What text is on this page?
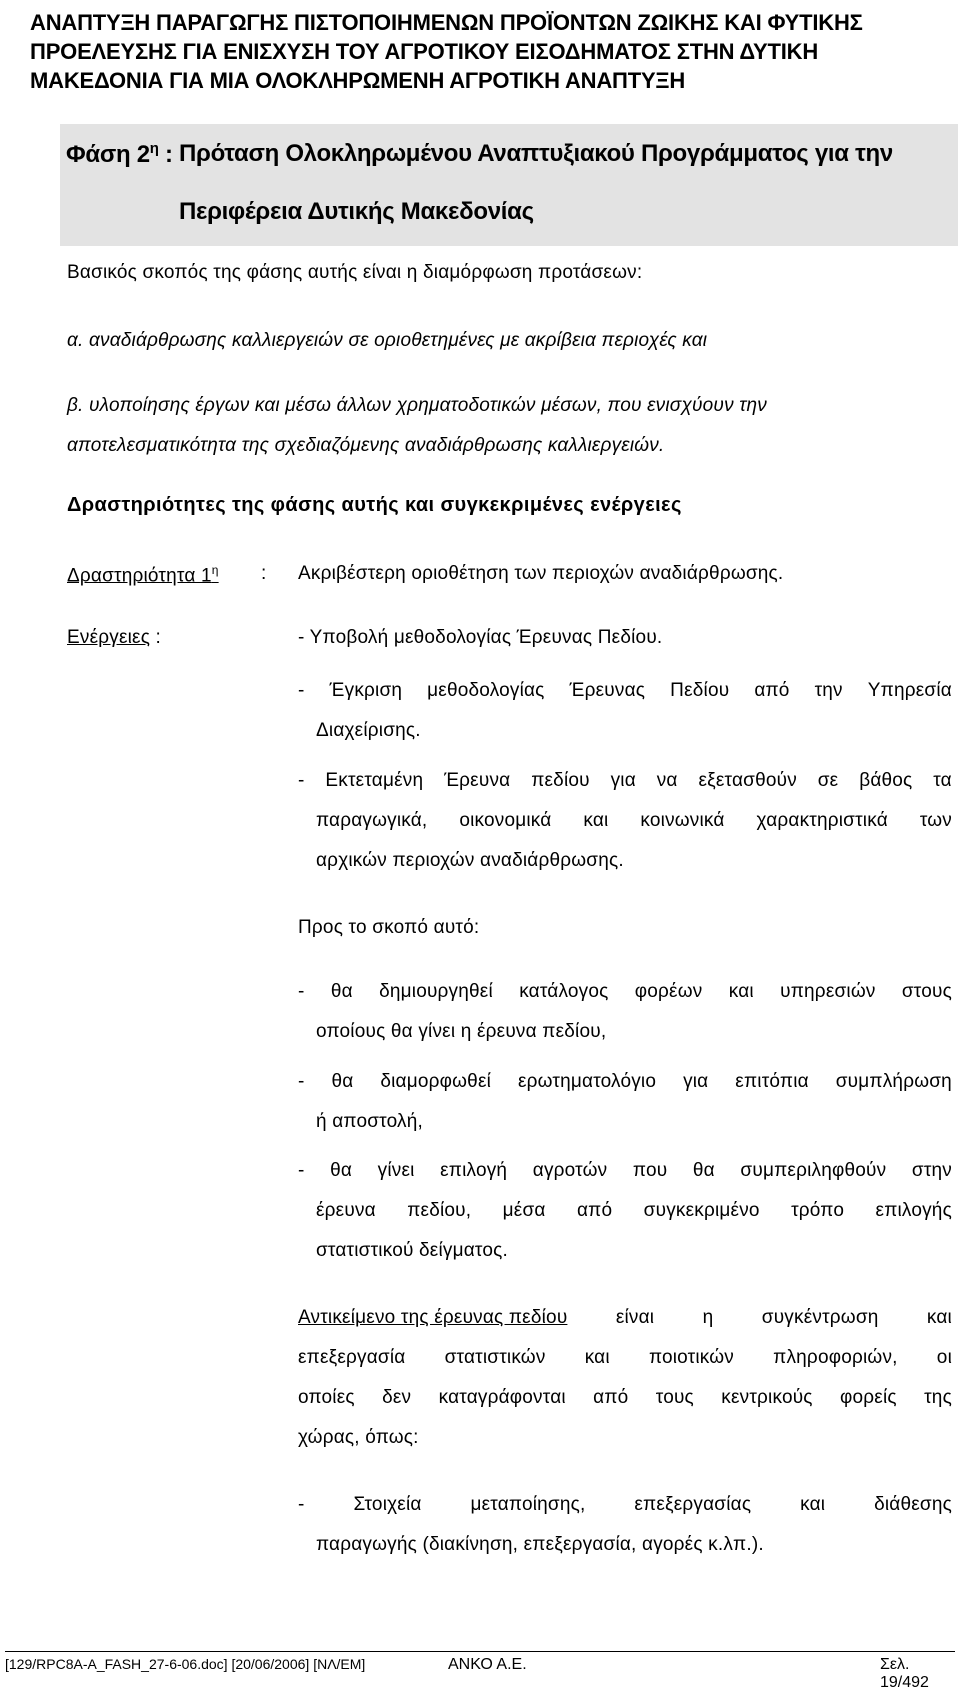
ΑΝΑΠΤΥΞΗ ΠΑΡΑΓΩΓΗΣ ΠΙΣΤΟΠΟΙΗΜΕΝΩΝ ΠΡΟΪΟΝΤΩΝ ΖΩΙΚΗΣ ΚΑΙ ΦΥΤΙΚΗΣ
ΠΡΟΕΛΕΥΣΗΣ ΓΙΑ ΕΝΙΣΧΥΣΗ ΤΟΥ ΑΓΡΟΤΙΚΟΥ ΕΙΣΟΔΗΜΑΤΟΣ ΣΤΗΝ ΔΥΤΙΚΗ
ΜΑΚΕΔΟΝΙΑ ΓΙΑ ΜΙΑ ΟΛΟΚΛΗΡΩΜΕΝΗ ΑΓΡΟΤΙΚΗ ΑΝΑΠΤΥΞΗ
Φάση $2^\eta$ : Πρόταση Ολοκληρωμένου Αναπτυξιακού Προγράμματος για την
Περιφέρεια Δυτικής Μακεδονίας
Βασικός σκοπός της φάσης αυτής είναι η διαμόρφωση προτάσεων:
α. αναδιάρθρωσης καλλιεργειών σε οριοθετημένες με ακρίβεια περιοχές και
β. υλοποίησης έργων και μέσω άλλων χρηματοδοτικών μέσων, που ενισχύουν την
αποτελεσματικότητα της σχεδιαζόμενης αναδιάρθρωσης καλλιεργειών.
Δραστηριότητες της φάσης αυτής και συγκεκριμένες ενέργειες
Δραστηριότητα $1^\eta$ : Ακριβέστερη οριοθέτηση των περιοχών αναδιάρθρωσης.
Ενέργειες :	- Υποβολή μεθοδολογίας Έρευνας Πεδίου.
- Έγκριση μεθοδολογίας Έρευνας Πεδίου από την Υπηρεσία
Διαχείρισης.
- Εκτεταμένη Έρευνα πεδίου για να εξετασθούν σε βάθος τα
παραγωγικά, οικονομικά και κοινωνικά χαρακτηριστικά των
αρχικών περιοχών αναδιάρθρωσης.
Προς το σκοπό αυτό:
- θα δημιουργηθεί κατάλογος φορέων και υπηρεσιών στους
οποίους θα γίνει η έρευνα πεδίου,
- θα διαμορφωθεί ερωτηματολόγιο για επιτόπια συμπλήρωση
ή αποστολή,
- θα γίνει επιλογή αγροτών που θα συμπεριληφθούν στην
έρευνα πεδίου, μέσα από συγκεκριμένο τρόπο επιλογής
στατιστικού δείγματος.
Αντικείμενο της έρευνας πεδίου	είναι	η	συγκέντρωση	και
επεξεργασία στατιστικών και ποιοτικών πληροφοριών, οι
οποίες δεν καταγράφονται από τους κεντρικούς φορείς της
χώρας, όπως:
-	Στοιχεία	μεταποίησης,	επεξεργασίας	και	διάθεσης
παραγωγής (διακίνηση, επεξεργασία, αγορές κ.λπ.).
[129/RPC8A-A_FASH_27-6-06.doc] [20/06/2006] [ΝΛ/ΕΜ]	ΑΝΚΟ Α.Ε.	Σελ. 19/492
